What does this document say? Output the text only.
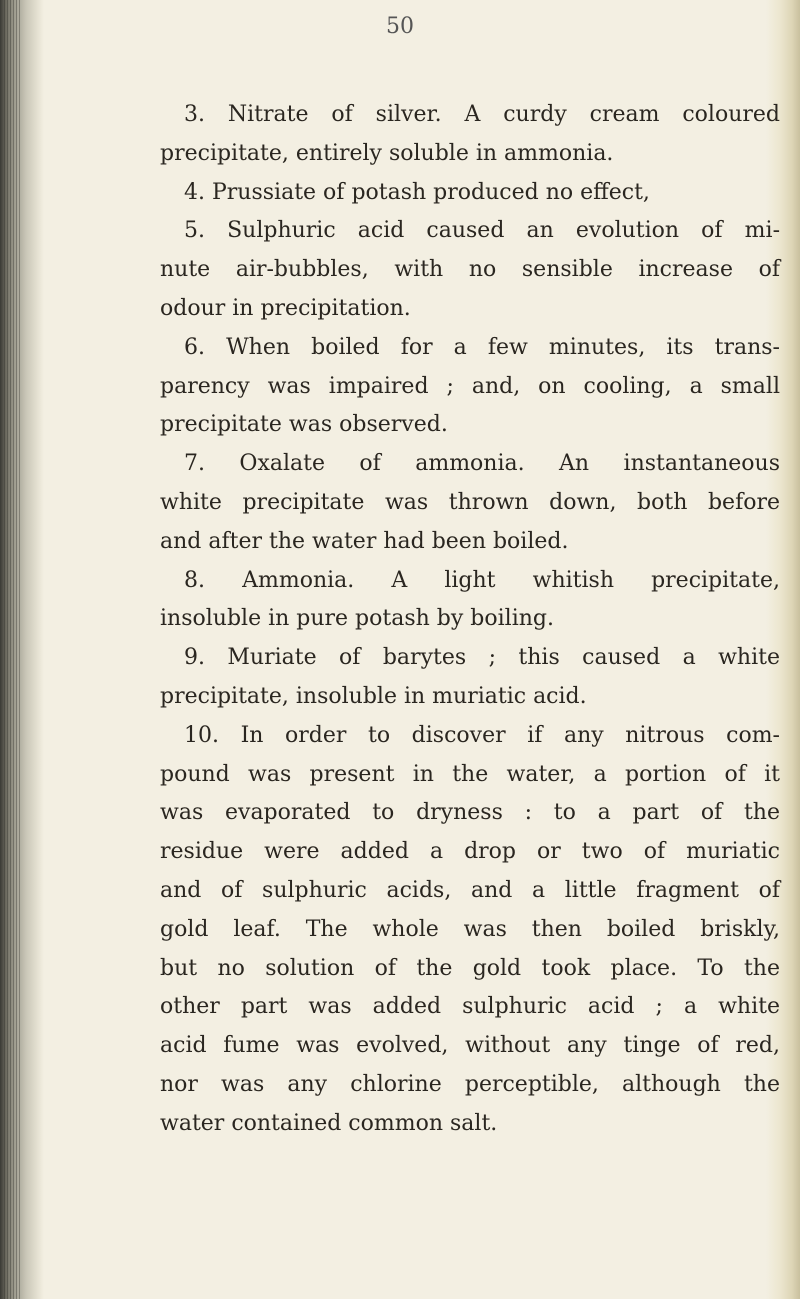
50
3. Nitrate of silver. A curdy cream coloured
precipitate, entirely soluble in ammonia.
4. Prussiate of potash produced no effect,
5. Sulphuric acid caused an evolution of mi-
nute air-bubbles, with no sensible increase of
odour in precipitation.
6. When boiled for a few minutes, its trans-
parency was impaired ; and, on cooling, a small
precipitate was observed.
7. Oxalate of ammonia. An instantaneous
white precipitate was thrown down, both before
and after the water had been boiled.
8. Ammonia. A light whitish precipitate,
insoluble in pure potash by boiling.
9. Muriate of barytes ; this caused a white
precipitate, insoluble in muriatic acid.
10. In order to discover if any nitrous com-
pound was present in the water, a portion of it
was evaporated to dryness : to a part of the
residue were added a drop or two of muriatic
and of sulphuric acids, and a little fragment of
gold leaf. The whole was then boiled briskly,
but no solution of the gold took place. To the
other part was added sulphuric acid ; a white
acid fume was evolved, without any tinge of red,
nor was any chlorine perceptible, although the
water contained common salt.
